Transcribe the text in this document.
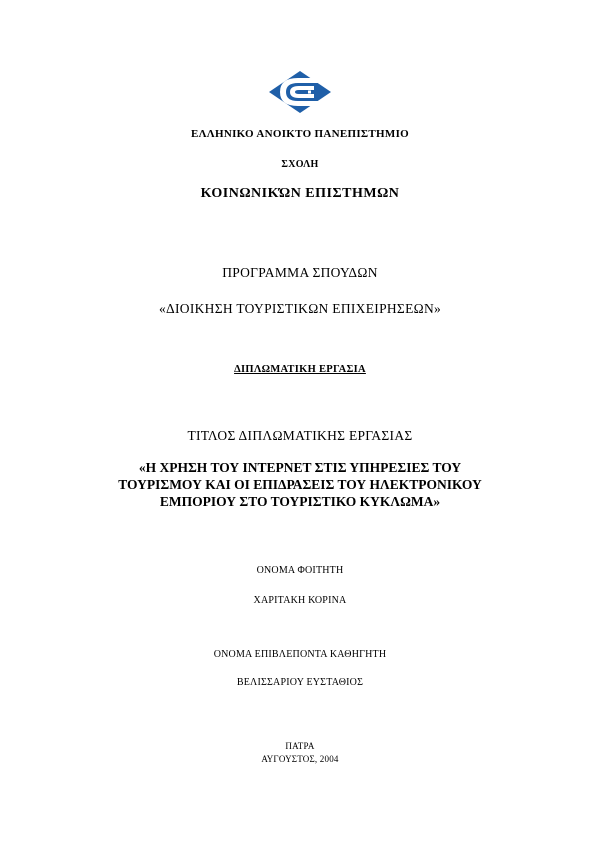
ΕΛΛΗΝΙΚΟ ΑΝΟΙΚΤΟ ΠΑΝΕΠΙΣΤΗΜΙΟ
ΣΧΟΛΗ
ΚΟΙΝΩΝΙΚΏΝ ΕΠΙΣΤΗΜΩΝ
ΠΡΟΓΡΑΜΜΑ ΣΠΟΥΔΩΝ
«ΔΙΟΙΚΗΣΗ ΤΟΥΡΙΣΤΙΚΩΝ ΕΠΙΧΕΙΡΗΣΕΩΝ»
ΔΙΠΛΩΜΑΤΙΚΗ ΕΡΓΑΣΙΑ
ΤΙΤΛΟΣ ΔΙΠΛΩΜΑΤΙΚΗΣ ΕΡΓΑΣΙΑΣ
«Η ΧΡΗΣΗ ΤΟΥ ΙΝΤΕΡΝΕΤ ΣΤΙΣ ΥΠΗΡΕΣΙΕΣ ΤΟΥ
ΤΟΥΡΙΣΜΟΥ ΚΑΙ ΟΙ ΕΠΙΔΡΑΣΕΙΣ ΤΟΥ ΗΛΕΚΤΡΟΝΙΚΟΥ
ΕΜΠΟΡΙΟΥ ΣΤΟ ΤΟΥΡΙΣΤΙΚΟ ΚΥΚΛΩΜΑ»
ΟΝΟΜΑ ΦΟΙΤΗΤΗ
ΧΑΡΙΤΑΚΗ ΚΟΡΙΝΑ
ΟΝΟΜΑ ΕΠΙΒΛΕΠΟΝΤΑ ΚΑΘΗΓΗΤΗ
ΒΕΛΙΣΣΑΡΙΟΥ ΕΥΣΤΑΘΙΟΣ
ΠΑΤΡΑ
ΑΥΓΟΥΣΤΟΣ, 2004
